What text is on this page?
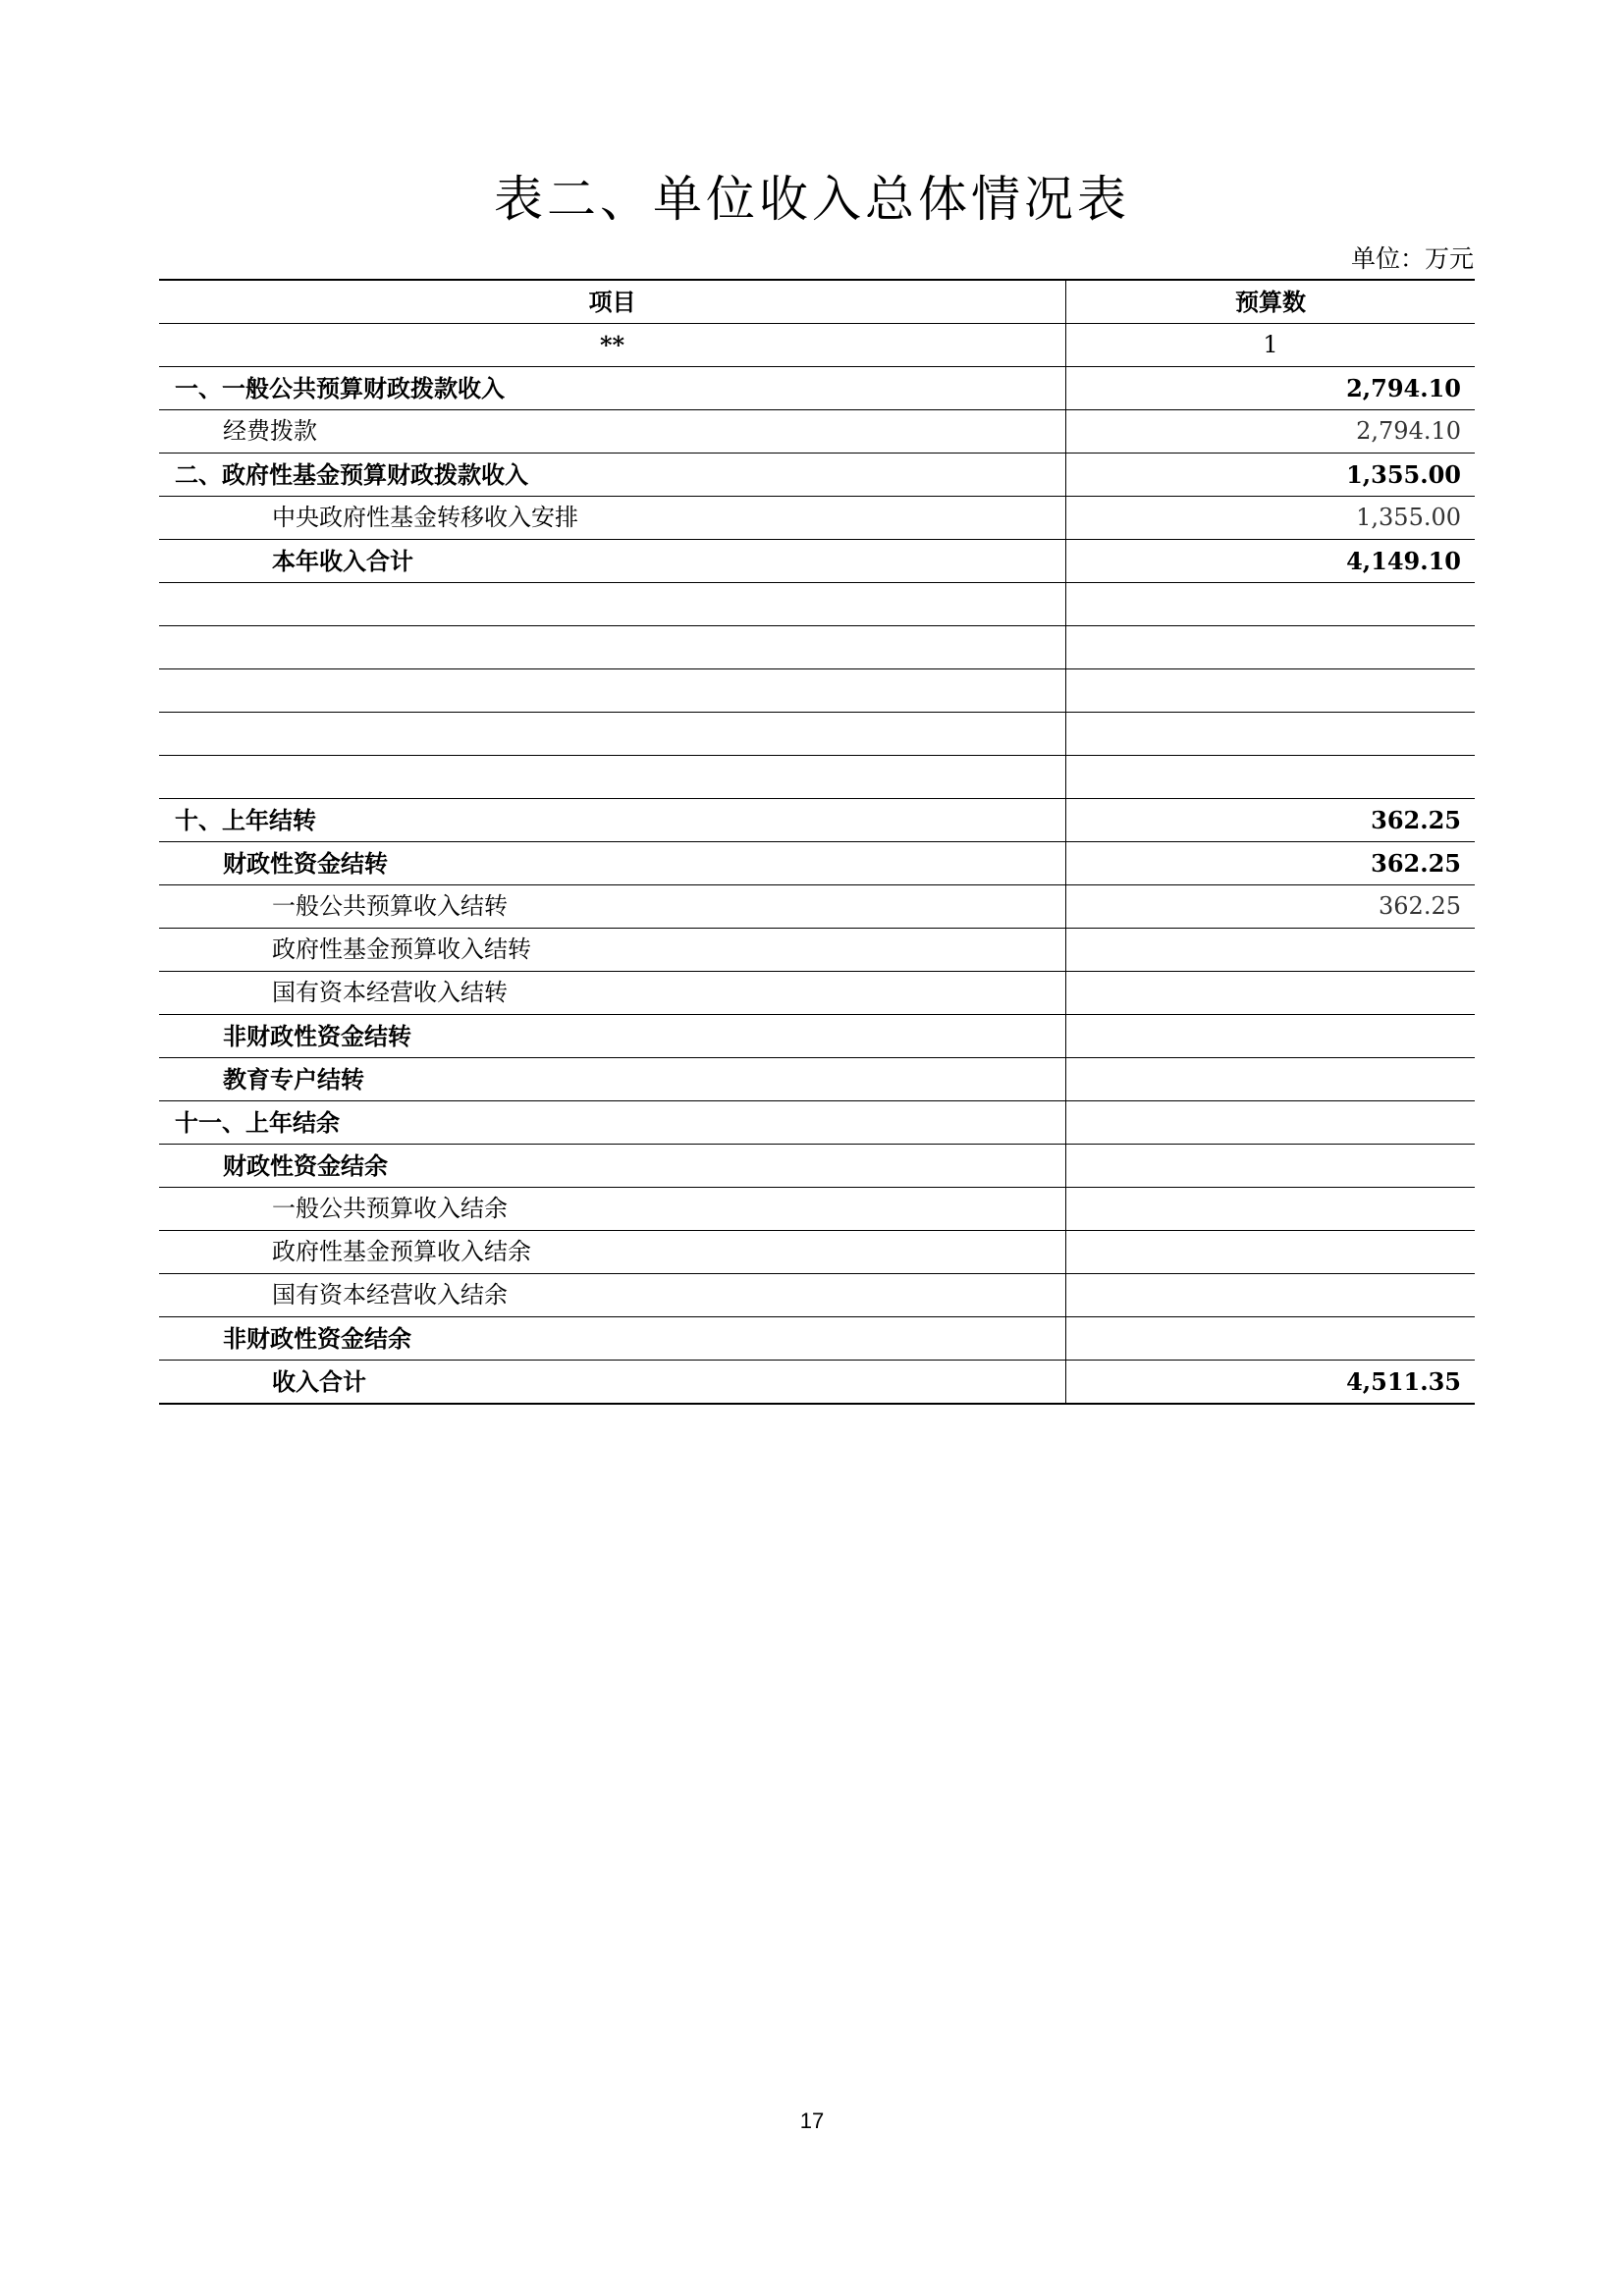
表二、单位收入总体情况表
单位：万元
项目	预算数
**	1
一、一般公共预算财政拨款收入	2,794.10
经费拨款	2,794.10
二、政府性基金预算财政拨款收入	1,355.00
中央政府性基金转移收入安排	1,355.00
本年收入合计	4,149.10

十、上年结转	362.25
财政性资金结转	362.25
一般公共预算收入结转	362.25
政府性基金预算收入结转	
国有资本经营收入结转	
非财政性资金结转	
教育专户结转	
十一、上年结余	
财政性资金结余	
一般公共预算收入结余	
政府性基金预算收入结余	
国有资本经营收入结余	
非财政性资金结余	
收入合计	4,511.35
17
